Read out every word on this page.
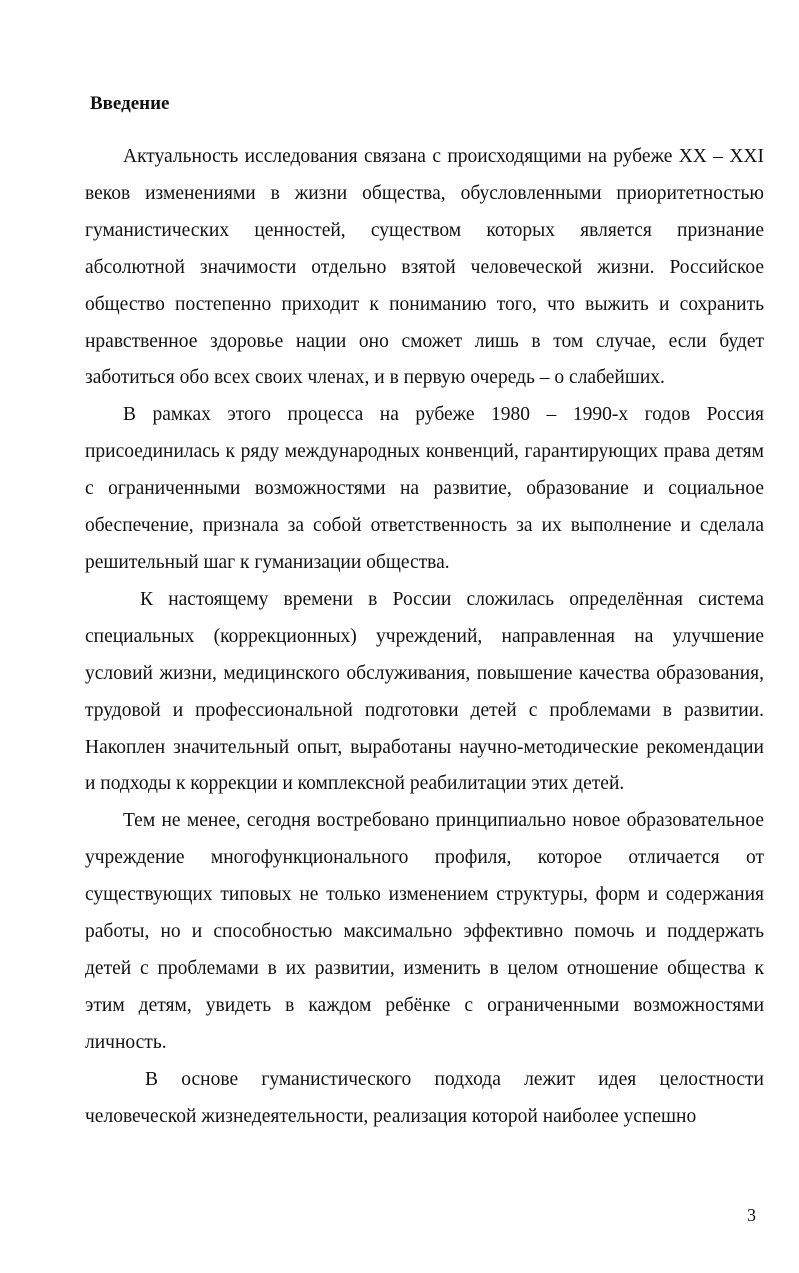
Введение

Актуальность исследования связана с происходящими на рубеже XX – XXI веков изменениями в жизни общества, обусловленными приоритетностью гуманистических ценностей, существом которых является признание абсолютной значимости отдельно взятой человеческой жизни. Российское общество постепенно приходит к пониманию того, что выжить и сохранить нравственное здоровье нации оно сможет лишь в том случае, если будет заботиться обо всех своих членах, и в первую очередь – о слабейших.

В рамках этого процесса на рубеже 1980 – 1990-х годов Россия присоединилась к ряду международных конвенций, гарантирующих права детям с ограниченными возможностями на развитие, образование и социальное обеспечение, признала за собой ответственность за их выполнение и сделала решительный шаг к гуманизации общества.

К настоящему времени в России сложилась определённая система специальных (коррекционных) учреждений, направленная на улучшение условий жизни, медицинского обслуживания, повышение качества образования, трудовой и профессиональной подготовки детей с проблемами в развитии. Накоплен значительный опыт, выработаны научно-методические рекомендации и подходы к коррекции и комплексной реабилитации этих детей.

Тем не менее, сегодня востребовано принципиально новое образовательное учреждение многофункционального профиля, которое отличается от существующих типовых не только изменением структуры, форм и содержания работы, но и способностью максимально эффективно помочь и поддержать детей с проблемами в их развитии, изменить в целом отношение общества к этим детям, увидеть в каждом ребёнке с ограниченными возможностями личность.

В основе гуманистического подхода лежит идея целостности человеческой жизнедеятельности, реализация которой наиболее успешно

3
